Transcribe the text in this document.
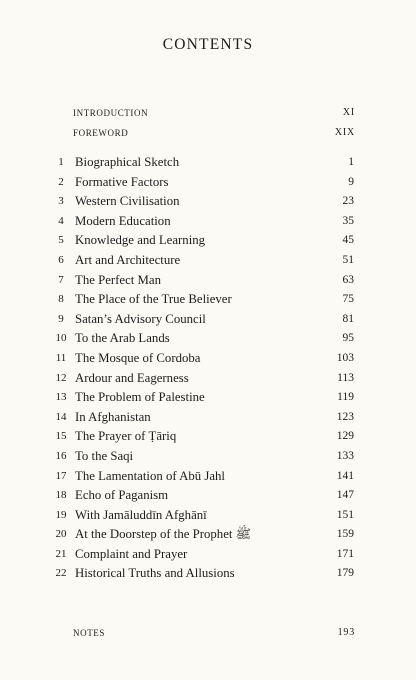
CONTENTS
INTRODUCTION	XI
FOREWORD	XIX
1 Biographical Sketch	1
2 Formative Factors	9
3 Western Civilisation	23
4 Modern Education	35
5 Knowledge and Learning	45
6 Art and Architecture	51
7 The Perfect Man	63
8 The Place of the True Believer	75
9 Satan’s Advisory Council	81
10 To the Arab Lands	95
11 The Mosque of Cordoba	103
12 Ardour and Eagerness	113
13 The Problem of Palestine	119
14 In Afghanistan	123
15 The Prayer of Ṭāriq	129
16 To the Saqi	133
17 The Lamentation of Abū Jahl	141
18 Echo of Paganism	147
19 With Jamāluddīn Afghānī	151
20 At the Doorstep of the Prophet ﷺ	159
21 Complaint and Prayer	171
22 Historical Truths and Allusions	179
NOTES	193
